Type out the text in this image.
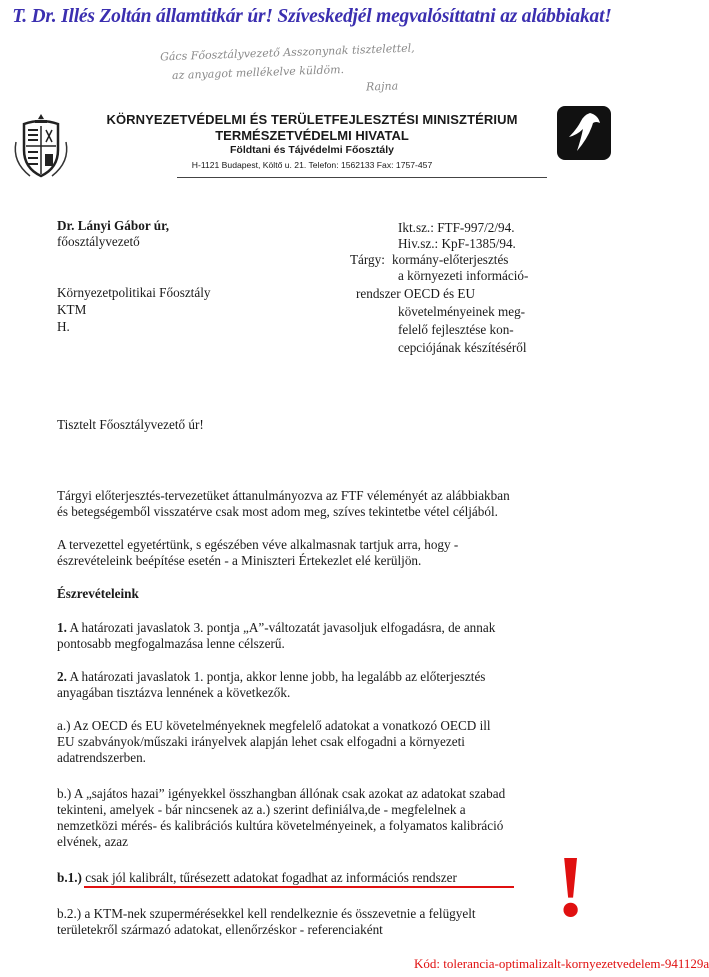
T. Dr. Illés Zoltán államtitkár úr! Szíveskedjél megvalósíttatni az alábbiakat!
Gács Főosztályvezető Asszonynak tisztelettel,
az anyagot mellékelve küldöm.
Rajna
KÖRNYEZETVÉDELMI ÉS TERÜLETFEJLESZTÉSI MINISZTÉRIUM
TERMÉSZETVÉDELMI HIVATAL
Földtani és Tájvédelmi Főosztály
H-1121 Budapest, Költő u. 21. Telefon: 1562133 Fax: 1757-457
Dr. Lányi Gábor úr,
főosztályvezető
Ikt.sz.: FTF-997/2/94.
Hiv.sz.: KpF-1385/94.
Tárgy: kormány-előterjesztés
a környezeti információ-
rendszer OECD és EU
követelményeinek meg-
felelő fejlesztése kon-
cepciójának készítéséről
Környezetpolitikai Főosztály
KTM
H.
Tisztelt Főosztályvezető úr!
Tárgyi előterjesztés-tervezetüket áttanulmányozva az FTF véleményét az alábbiakban
és betegségemből visszatérve csak most adom meg, szíves tekintetbe vétel céljából.
A tervezettel egyetértünk, s egészében véve alkalmasnak tartjuk arra, hogy -
észrevételeink beépítése esetén - a Miniszteri Értekezlet elé kerüljön.
Észrevételeink
1. A határozati javaslatok 3. pontja „A”-változatát javasoljuk elfogadásra, de annak
pontosabb megfogalmazása lenne célszerű.
2. A határozati javaslatok 1. pontja, akkor lenne jobb, ha legalább az előterjesztés
anyagában tisztázva lennének a következők.
a.) Az OECD és EU követelményeknek megfelelő adatokat a vonatkozó OECD ill
EU szabványok/műszaki irányelvek alapján lehet csak elfogadni a környezeti
adatrendszerben.
b.) A „sajátos hazai” igényekkel összhangban állónak csak azokat az adatokat szabad
tekinteni, amelyek - bár nincsenek az a.) szerint definiálva,de - megfelelnek a
nemzetközi mérés- és kalibrációs kultúra követelményeinek, a folyamatos kalibráció
elvének, azaz
b.1.) csak jól kalibrált, tűrésezett adatokat fogadhat az információs rendszer
b.2.) a KTM-nek szupermérésekkel kell rendelkeznie és összevetnie a felügyelt
területekről származó adatokat, ellenőrzéskor - referenciaként !
Kód: tolerancia-optimalizalt-kornyezetvedelem-941129a
